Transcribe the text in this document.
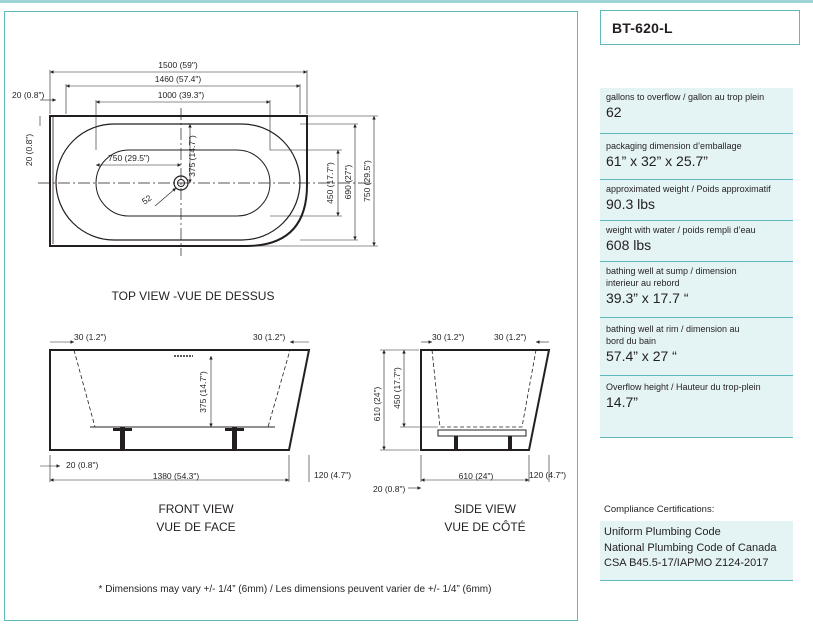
1500 (59")
1460 (57.4")
1000 (39.3")
20 (0.8")
20 (0.8")	750 (29.5")	375 (14.7")
52	450 (17.7") 690 (27") 750 (29.5")
TOP VIEW -VUE DE DESSUS
30 (1.2")	30 (1.2")
375 (14.7")
20 (0.8")
1380 (54.3")	120 (4.7")
FRONT VIEW
VUE DE FACE
30 (1.2")	30 (1.2")
610 (24") 450 (17.7")
610 (24")	120 (4.7")
20 (0.8")
SIDE VIEW
VUE DE CÔTÉ
* Dimensions may vary +/- 1/4” (6mm) / Les dimensions peuvent varier de +/- 1/4” (6mm)
BT-620-L
gallons to overflow / gallon au trop plein
62
packaging dimension d’emballage
61” x 32” x 25.7”
approximated weight / Poids approximatif
90.3 lbs
weight with water / poids rempli d’eau
608 lbs
bathing well at sump / dimension interieur au rebord
39.3” x 17.7 “
bathing well at rim / dimension au bord du bain
57.4” x 27 “
Overflow height / Hauteur du trop-plein
14.7”
Compliance Certifications:
Uniform Plumbing Code
National Plumbing Code of Canada
CSA B45.5-17/IAPMO Z124-2017
